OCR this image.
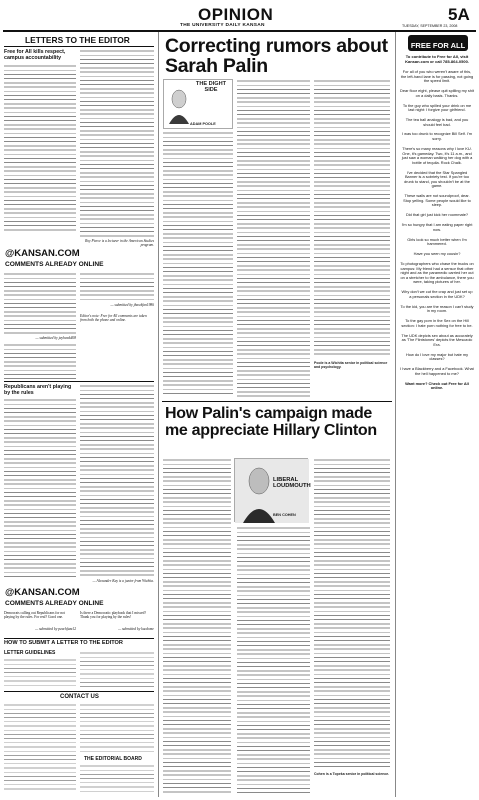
OPINION
THE UNIVERSITY DAILY KANSAN
5A
TUESDAY, SEPTEMBER 23, 2008
LETTERS TO THE EDITOR
Free for All kills respect, campus accountability
Roy Pierce is a lecturer in the American Studies program.
@KANSAN.COM
COMMENTS ALREADY ONLINE
— submitted by jayhawk408
— submitted by jhawkfan1986
Editor's note: Free for All comments are taken from both the phone and online.
Republicans aren't playing by the rules
— Alexander Kay is a junior from Wichita.
@KANSAN.COM
COMMENTS ALREADY ONLINE
Democrats calling out Republicans for not playing by the rules. For real? Good one.
— submitted by peachfuzz12
Is there a Democratic playbook that I missed? Thank you for playing by the rules!
— submitted by kucdome
HOW TO SUBMIT A LETTER TO THE EDITOR
LETTER GUIDELINES
CONTACT US
THE EDITORIAL BOARD
Correcting rumors about Sarah Palin
THE DIGHT SIDE
ADAM POOLE
Poole is a Wichita senior in political science and psychology.
How Palin's campaign made me appreciate Hillary Clinton
LIBERAL LOUDMOUTH
BEN COHEN
Cohen is a Topeka senior in political science.
FREE FOR ALL
To contribute to Free for All, visit Kansan.com or call 785-864-0500.
For all of you who weren't aware of this, the left-hand lane is for passing, not going the speed limit.
Dear floor eight, please quit spilling my shit on a daily basis. Thanks.
To the guy who spilled your drink on me last night: I forgive your girlfriend.
The tea ball analogy is bad, and you should feel bad.
I was too drunk to recognize Bill Self. I'm sorry.
There's so many reasons why I love KU. One, it's gameday. Two, it's 11 a.m., and just saw a woman walking her dog with a bottle of tequila. Rock Chalk.
I've decided that the Star Spangled Banner is a sobriety test. If you're too drunk to stand, you shouldn't be at the game.
These walls are not soundproof, dear. Stop yelling. Some people would like to sleep.
Did that girl just kick her roommate?
I'm so hungry that I am eating paper right now.
Girls look so much better when I'm hammered.
Have you seen my cousin?
To photographers who chase the trucks on campus: My friend had a sensor that other night and as the paramedic carried her out on a stretcher to the ambulance, there you were, taking pictures of her.
Why don't we cut the crap and just set up a personals section in the UDK?
To the kid, you are the reason I can't study in my room.
To the gay porn in the Sex on the Hill section: I hate porn nothing for free to be.
The UDK depicts sex about as accurately as 'The Flintstones' depicts the Mesozoic Era.
How do I love my major but hate my classes?
I have a Blackberry and a Facebook. What the hell happened to me?
Want more? Check out Free for All online.
